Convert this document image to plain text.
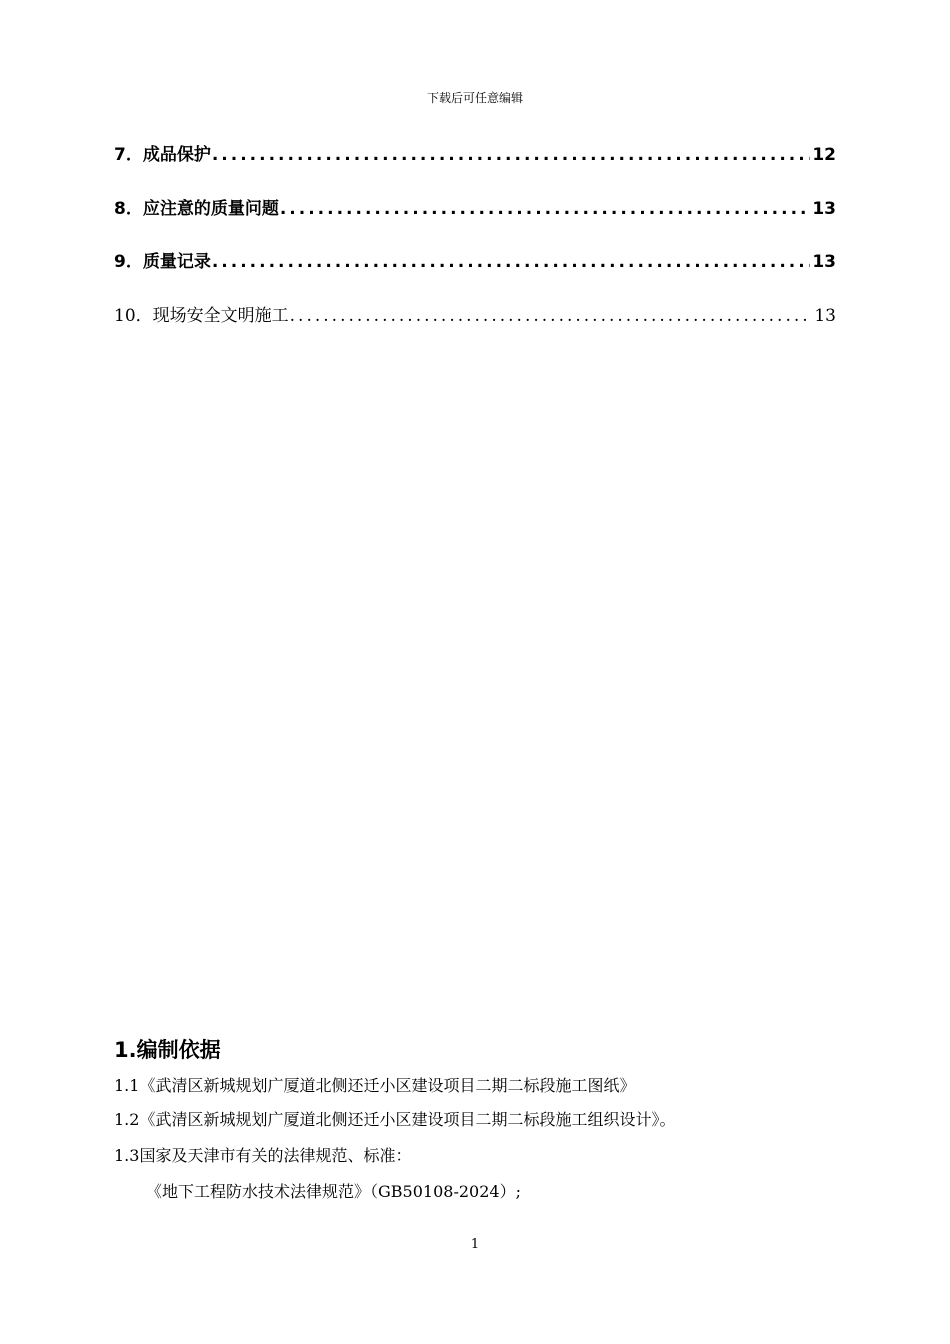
下载后可任意编辑
7．成品保护 .....	12
8．应注意的质量问题 .....	13
9．质量记录 .....	13
10．现场安全文明施工 .....	13
1.编制依据
1.1《武清区新城规划广厦道北侧还迁小区建设项目二期二标段施工图纸》
1.2《武清区新城规划广厦道北侧还迁小区建设项目二期二标段施工组织设计》。
1.3国家及天津市有关的法律规范、标准：
《地下工程防水技术法律规范》（GB50108-2024）;
1
